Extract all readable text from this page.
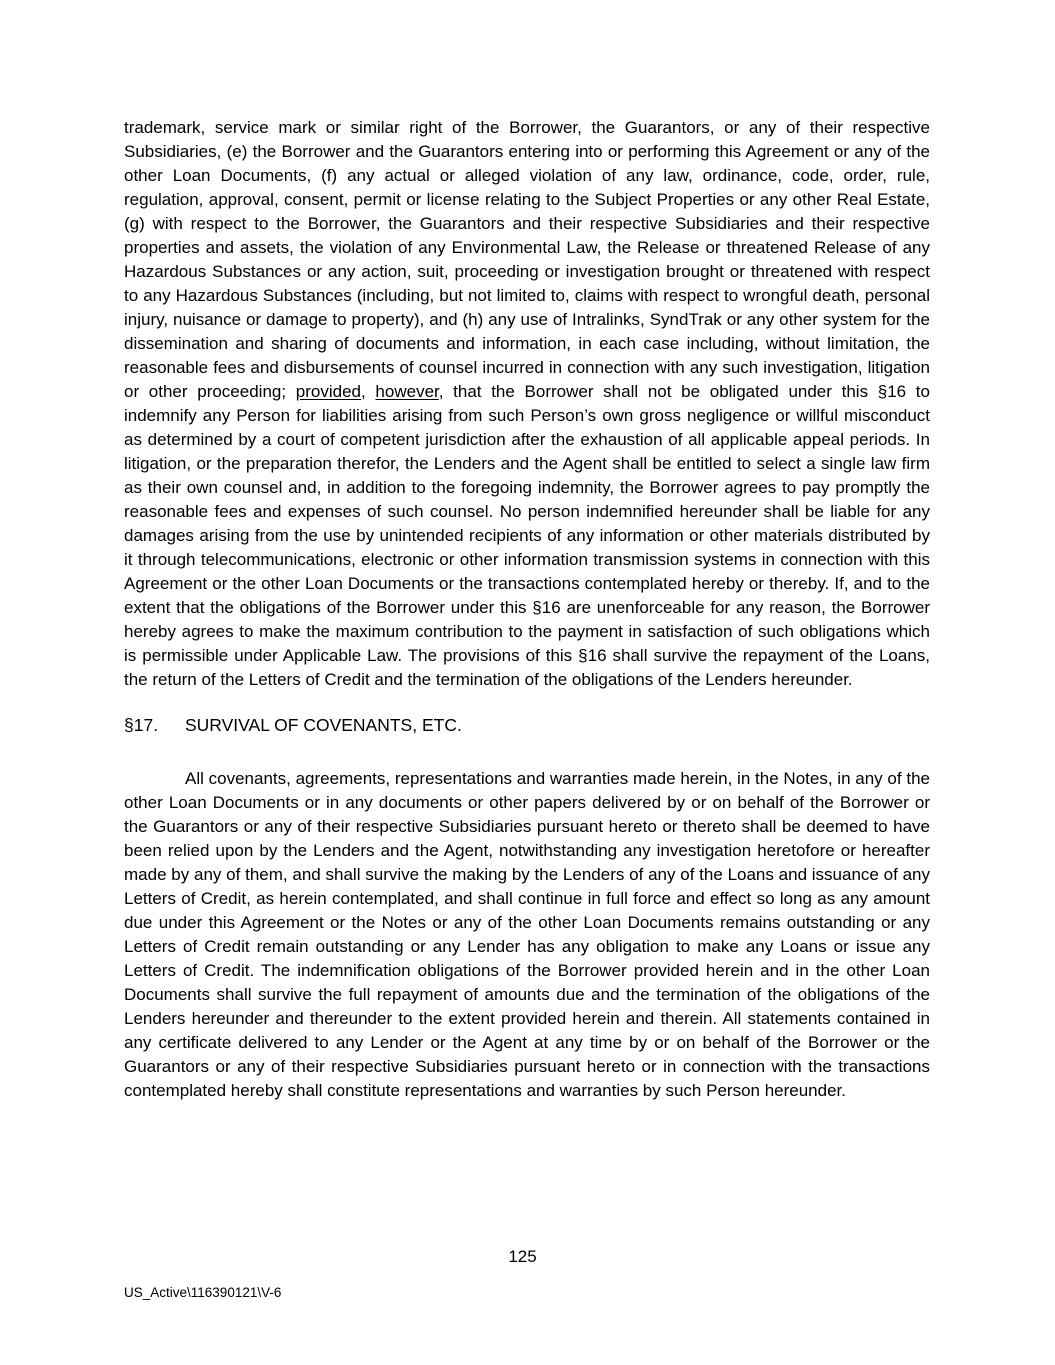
trademark, service mark or similar right of the Borrower, the Guarantors, or any of their respective Subsidiaries, (e) the Borrower and the Guarantors entering into or performing this Agreement or any of the other Loan Documents, (f) any actual or alleged violation of any law, ordinance, code, order, rule, regulation, approval, consent, permit or license relating to the Subject Properties or any other Real Estate, (g) with respect to the Borrower, the Guarantors and their respective Subsidiaries and their respective properties and assets, the violation of any Environmental Law, the Release or threatened Release of any Hazardous Substances or any action, suit, proceeding or investigation brought or threatened with respect to any Hazardous Substances (including, but not limited to, claims with respect to wrongful death, personal injury, nuisance or damage to property), and (h) any use of Intralinks, SyndTrak or any other system for the dissemination and sharing of documents and information, in each case including, without limitation, the reasonable fees and disbursements of counsel incurred in connection with any such investigation, litigation or other proceeding; provided, however, that the Borrower shall not be obligated under this §16 to indemnify any Person for liabilities arising from such Person’s own gross negligence or willful misconduct as determined by a court of competent jurisdiction after the exhaustion of all applicable appeal periods. In litigation, or the preparation therefor, the Lenders and the Agent shall be entitled to select a single law firm as their own counsel and, in addition to the foregoing indemnity, the Borrower agrees to pay promptly the reasonable fees and expenses of such counsel. No person indemnified hereunder shall be liable for any damages arising from the use by unintended recipients of any information or other materials distributed by it through telecommunications, electronic or other information transmission systems in connection with this Agreement or the other Loan Documents or the transactions contemplated hereby or thereby. If, and to the extent that the obligations of the Borrower under this §16 are unenforceable for any reason, the Borrower hereby agrees to make the maximum contribution to the payment in satisfaction of such obligations which is permissible under Applicable Law. The provisions of this §16 shall survive the repayment of the Loans, the return of the Letters of Credit and the termination of the obligations of the Lenders hereunder.

§17. SURVIVAL OF COVENANTS, ETC.

All covenants, agreements, representations and warranties made herein, in the Notes, in any of the other Loan Documents or in any documents or other papers delivered by or on behalf of the Borrower or the Guarantors or any of their respective Subsidiaries pursuant hereto or thereto shall be deemed to have been relied upon by the Lenders and the Agent, notwithstanding any investigation heretofore or hereafter made by any of them, and shall survive the making by the Lenders of any of the Loans and issuance of any Letters of Credit, as herein contemplated, and shall continue in full force and effect so long as any amount due under this Agreement or the Notes or any of the other Loan Documents remains outstanding or any Letters of Credit remain outstanding or any Lender has any obligation to make any Loans or issue any Letters of Credit. The indemnification obligations of the Borrower provided herein and in the other Loan Documents shall survive the full repayment of amounts due and the termination of the obligations of the Lenders hereunder and thereunder to the extent provided herein and therein. All statements contained in any certificate delivered to any Lender or the Agent at any time by or on behalf of the Borrower or the Guarantors or any of their respective Subsidiaries pursuant hereto or in connection with the transactions contemplated hereby shall constitute representations and warranties by such Person hereunder.

125
US_Active\116390121\V-6
